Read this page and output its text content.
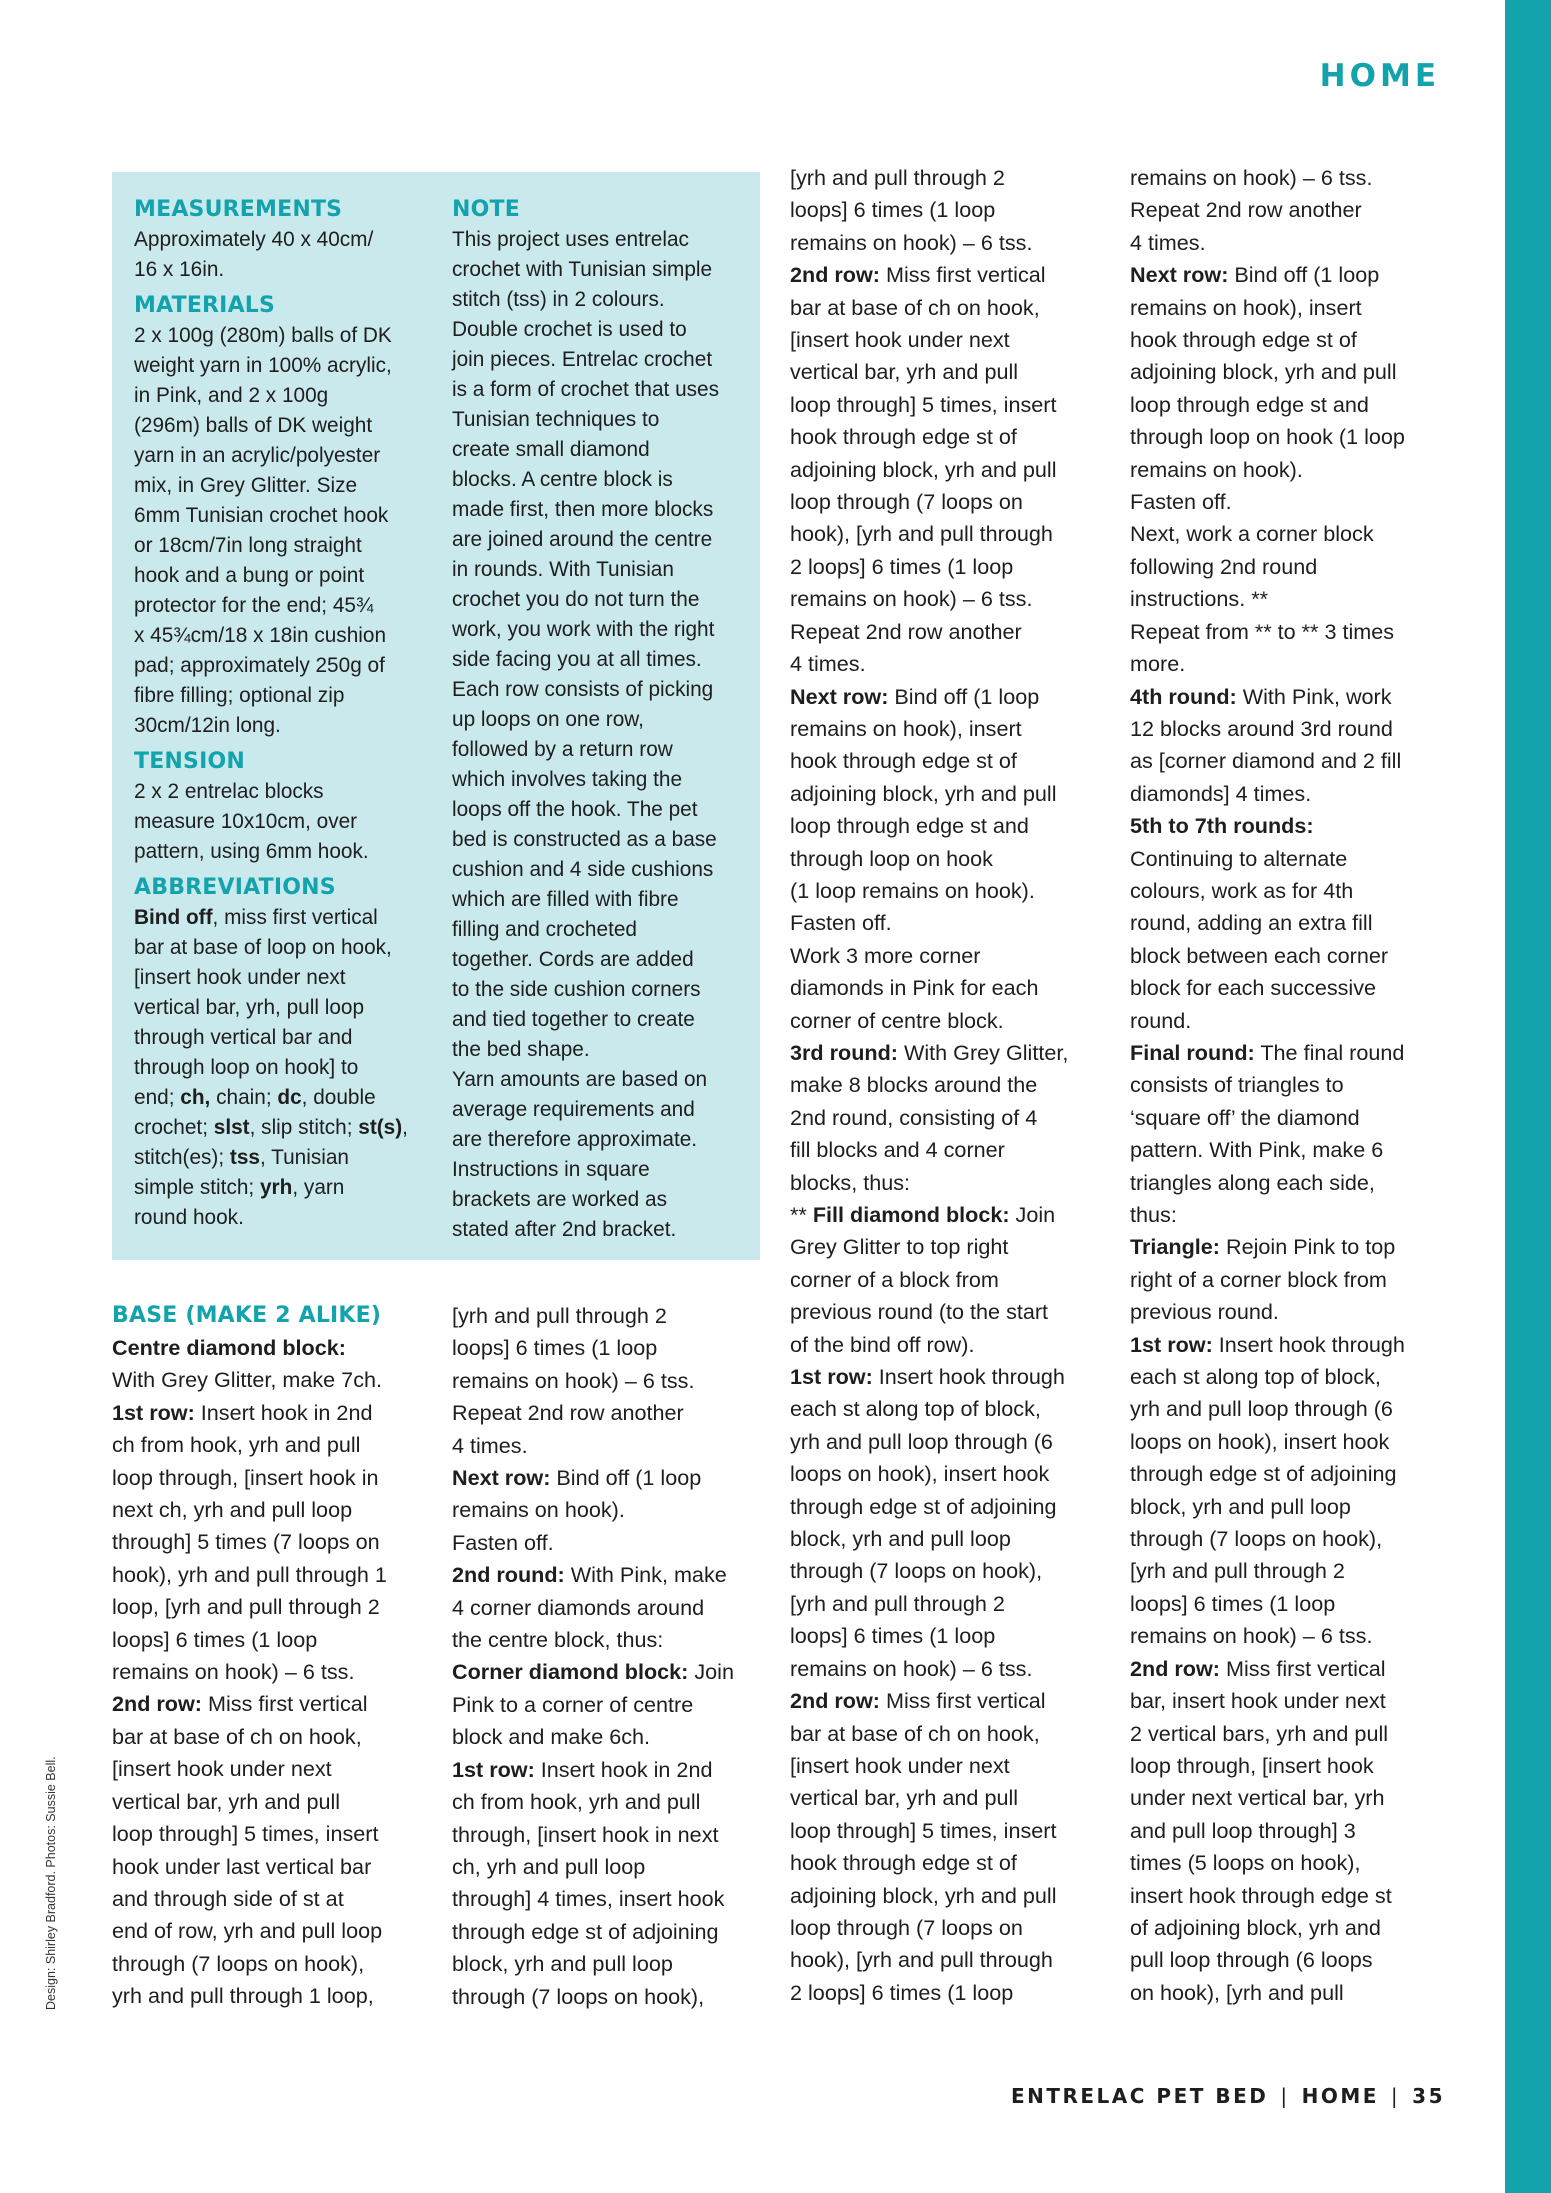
HOME
MEASUREMENTS
Approximately 40 x 40cm/
16 x 16in.
MATERIALS
2 x 100g (280m) balls of DK
weight yarn in 100% acrylic,
in Pink, and 2 x 100g
(296m) balls of DK weight
yarn in an acrylic/polyester
mix, in Grey Glitter. Size
6mm Tunisian crochet hook
or 18cm/7in long straight
hook and a bung or point
protector for the end; 45¾
x 45¾cm/18 x 18in cushion
pad; approximately 250g of
fibre filling; optional zip
30cm/12in long.
TENSION
2 x 2 entrelac blocks
measure 10x10cm, over
pattern, using 6mm hook.
ABBREVIATIONS
Bind off, miss first vertical
bar at base of loop on hook,
[insert hook under next
vertical bar, yrh, pull loop
through vertical bar and
through loop on hook] to
end; ch, chain; dc, double
crochet; slst, slip stitch; st(s),
stitch(es); tss, Tunisian
simple stitch; yrh, yarn
round hook.
NOTE
This project uses entrelac
crochet with Tunisian simple
stitch (tss) in 2 colours.
Double crochet is used to
join pieces. Entrelac crochet
is a form of crochet that uses
Tunisian techniques to
create small diamond
blocks. A centre block is
made first, then more blocks
are joined around the centre
in rounds. With Tunisian
crochet you do not turn the
work, you work with the right
side facing you at all times.
Each row consists of picking
up loops on one row,
followed by a return row
which involves taking the
loops off the hook. The pet
bed is constructed as a base
cushion and 4 side cushions
which are filled with fibre
filling and crocheted
together. Cords are added
to the side cushion corners
and tied together to create
the bed shape.
Yarn amounts are based on
average requirements and
are therefore approximate.
Instructions in square
brackets are worked as
stated after 2nd bracket.
BASE (MAKE 2 ALIKE)
Centre diamond block:
With Grey Glitter, make 7ch.
1st row: Insert hook in 2nd
ch from hook, yrh and pull
loop through, [insert hook in
next ch, yrh and pull loop
through] 5 times (7 loops on
hook), yrh and pull through 1
loop, [yrh and pull through 2
loops] 6 times (1 loop
remains on hook) – 6 tss.
2nd row: Miss first vertical
bar at base of ch on hook,
[insert hook under next
vertical bar, yrh and pull
loop through] 5 times, insert
hook under last vertical bar
and through side of st at
end of row, yrh and pull loop
through (7 loops on hook),
yrh and pull through 1 loop,
[yrh and pull through 2
loops] 6 times (1 loop
remains on hook) – 6 tss.
Repeat 2nd row another
4 times.
Next row: Bind off (1 loop
remains on hook).
Fasten off.
2nd round: With Pink, make
4 corner diamonds around
the centre block, thus:
Corner diamond block: Join
Pink to a corner of centre
block and make 6ch.
1st row: Insert hook in 2nd
ch from hook, yrh and pull
through, [insert hook in next
ch, yrh and pull loop
through] 4 times, insert hook
through edge st of adjoining
block, yrh and pull loop
through (7 loops on hook),
[yrh and pull through 2
loops] 6 times (1 loop
remains on hook) – 6 tss.
2nd row: Miss first vertical
bar at base of ch on hook,
[insert hook under next
vertical bar, yrh and pull
loop through] 5 times, insert
hook through edge st of
adjoining block, yrh and pull
loop through (7 loops on
hook), [yrh and pull through
2 loops] 6 times (1 loop
remains on hook) – 6 tss.
Repeat 2nd row another
4 times.
Next row: Bind off (1 loop
remains on hook), insert
hook through edge st of
adjoining block, yrh and pull
loop through edge st and
through loop on hook
(1 loop remains on hook).
Fasten off.
Work 3 more corner
diamonds in Pink for each
corner of centre block.
3rd round: With Grey Glitter,
make 8 blocks around the
2nd round, consisting of 4
fill blocks and 4 corner
blocks, thus:
** Fill diamond block: Join
Grey Glitter to top right
corner of a block from
previous round (to the start
of the bind off row).
1st row: Insert hook through
each st along top of block,
yrh and pull loop through (6
loops on hook), insert hook
through edge st of adjoining
block, yrh and pull loop
through (7 loops on hook),
[yrh and pull through 2
loops] 6 times (1 loop
remains on hook) – 6 tss.
2nd row: Miss first vertical
bar at base of ch on hook,
[insert hook under next
vertical bar, yrh and pull
loop through] 5 times, insert
hook through edge st of
adjoining block, yrh and pull
loop through (7 loops on
hook), [yrh and pull through
2 loops] 6 times (1 loop
remains on hook) – 6 tss.
Repeat 2nd row another
4 times.
Next row: Bind off (1 loop
remains on hook), insert
hook through edge st of
adjoining block, yrh and pull
loop through edge st and
through loop on hook (1 loop
remains on hook).
Fasten off.
Next, work a corner block
following 2nd round
instructions. **
Repeat from ** to ** 3 times
more.
4th round: With Pink, work
12 blocks around 3rd round
as [corner diamond and 2 fill
diamonds] 4 times.
5th to 7th rounds:
Continuing to alternate
colours, work as for 4th
round, adding an extra fill
block between each corner
block for each successive
round.
Final round: The final round
consists of triangles to
‘square off’ the diamond
pattern. With Pink, make 6
triangles along each side,
thus:
Triangle: Rejoin Pink to top
right of a corner block from
previous round.
1st row: Insert hook through
each st along top of block,
yrh and pull loop through (6
loops on hook), insert hook
through edge st of adjoining
block, yrh and pull loop
through (7 loops on hook),
[yrh and pull through 2
loops] 6 times (1 loop
remains on hook) – 6 tss.
2nd row: Miss first vertical
bar, insert hook under next
2 vertical bars, yrh and pull
loop through, [insert hook
under next vertical bar, yrh
and pull loop through] 3
times (5 loops on hook),
insert hook through edge st
of adjoining block, yrh and
pull loop through (6 loops
on hook), [yrh and pull
Design: Shirley Bradford. Photos: Sussie Bell.
ENTRELAC PET BED | HOME | 35
